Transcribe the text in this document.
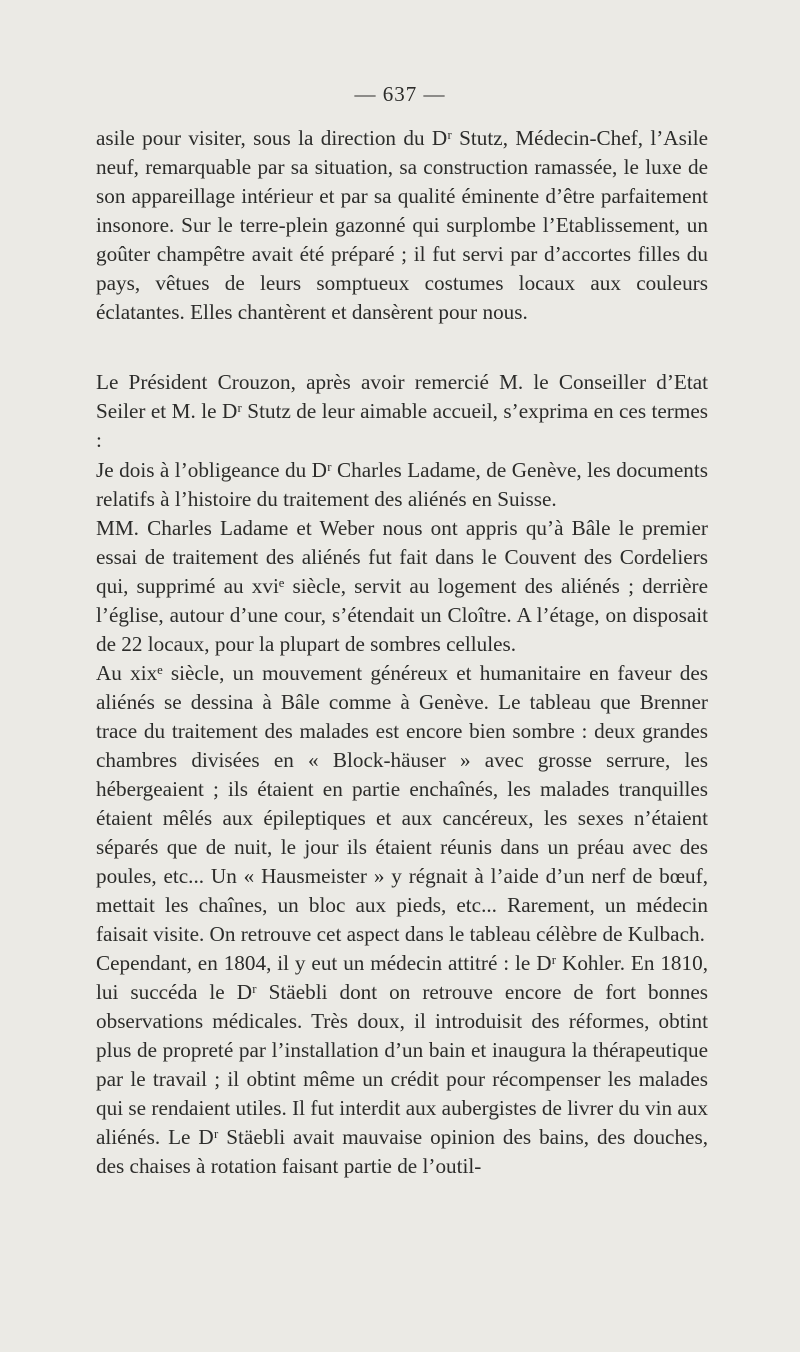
— 637 —

asile pour visiter, sous la direction du Dʳ Stutz, Médecin-Chef, l’Asile neuf, remarquable par sa situation, sa construction ramassée, le luxe de son appareillage intérieur et par sa qualité éminente d’être parfaitement insonore. Sur le terre-plein gazonné qui surplombe l’Etablissement, un goûter champêtre avait été préparé ; il fut servi par d’accortes filles du pays, vêtues de leurs somptueux costumes locaux aux couleurs éclatantes. Elles chantèrent et dansèrent pour nous.

Le Président Crouzon, après avoir remercié M. le Conseiller d’Etat Seiler et M. le Dʳ Stutz de leur aimable accueil, s’exprima en ces termes :

Je dois à l’obligeance du Dʳ Charles Ladame, de Genève, les documents relatifs à l’histoire du traitement des aliénés en Suisse.

MM. Charles Ladame et Weber nous ont appris qu’à Bâle le premier essai de traitement des aliénés fut fait dans le Couvent des Cordeliers qui, supprimé au xviᵉ siècle, servit au logement des aliénés ; derrière l’église, autour d’une cour, s’étendait un Cloître. A l’étage, on disposait de 22 locaux, pour la plupart de sombres cellules.

Au xixᵉ siècle, un mouvement généreux et humanitaire en faveur des aliénés se dessina à Bâle comme à Genève. Le tableau que Brenner trace du traitement des malades est encore bien sombre : deux grandes chambres divisées en « Block-häuser » avec grosse serrure, les hébergeaient ; ils étaient en partie enchaînés, les malades tranquilles étaient mêlés aux épileptiques et aux cancéreux, les sexes n’étaient séparés que de nuit, le jour ils étaient réunis dans un préau avec des poules, etc... Un « Hausmeister » y régnait à l’aide d’un nerf de bœuf, mettait les chaînes, un bloc aux pieds, etc... Rarement, un médecin faisait visite. On retrouve cet aspect dans le tableau célèbre de Kulbach.

Cependant, en 1804, il y eut un médecin attitré : le Dʳ Kohler. En 1810, lui succéda le Dʳ Stäebli dont on retrouve encore de fort bonnes observations médicales. Très doux, il introduisit des réformes, obtint plus de propreté par l’installation d’un bain et inaugura la thérapeutique par le travail ; il obtint même un crédit pour récompenser les malades qui se rendaient utiles. Il fut interdit aux aubergistes de livrer du vin aux aliénés. Le Dʳ Stäebli avait mauvaise opinion des bains, des douches, des chaises à rotation faisant partie de l’outil-
